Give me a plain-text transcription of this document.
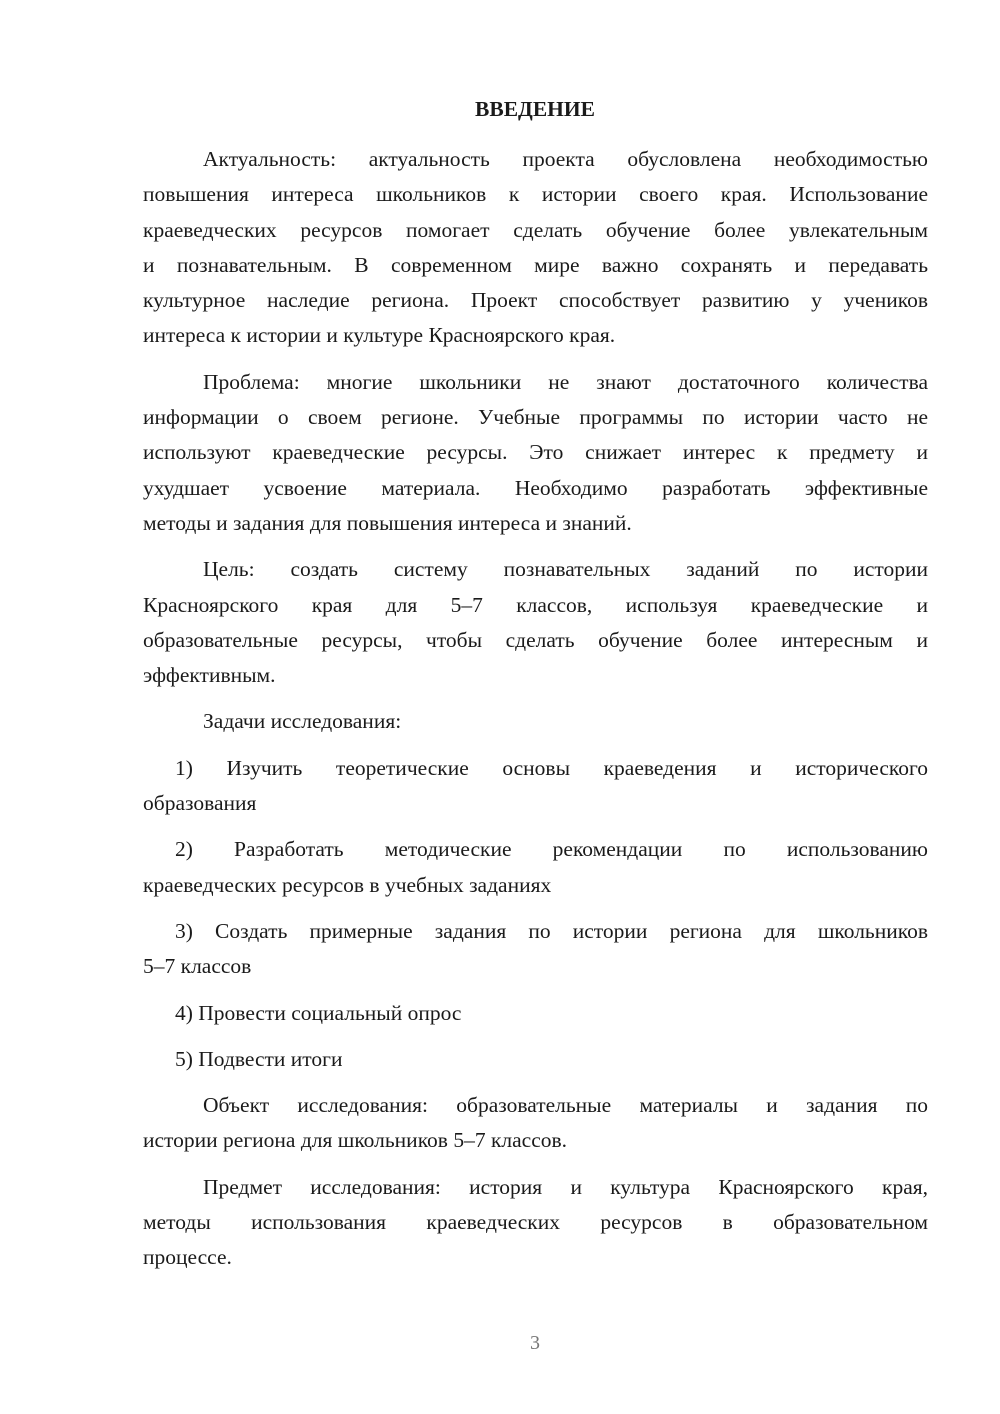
ВВЕДЕНИЕ
Актуальность: актуальность проекта обусловлена необходимостью
повышения интереса школьников к истории своего края. Использование
краеведческих ресурсов помогает сделать обучение более увлекательным
и познавательным. В современном мире важно сохранять и передавать
культурное наследие региона. Проект способствует развитию у учеников
интереса к истории и культуре Красноярского края.
Проблема: многие школьники не знают достаточного количества
информации о своем регионе. Учебные программы по истории часто не
используют краеведческие ресурсы. Это снижает интерес к предмету и
ухудшает усвоение материала. Необходимо разработать эффективные
методы и задания для повышения интереса и знаний.
Цель: создать систему познавательных заданий по истории
Красноярского края для 5–7 классов, используя краеведческие и
образовательные ресурсы, чтобы сделать обучение более интересным и
эффективным.
Задачи исследования:
1) Изучить теоретические основы краеведения и исторического
образования
2) Разработать методические рекомендации по использованию
краеведческих ресурсов в учебных заданиях
3) Создать примерные задания по истории региона для школьников
5–7 классов
4) Провести социальный опрос
5) Подвести итоги
Объект исследования: образовательные материалы и задания по
истории региона для школьников 5–7 классов.
Предмет исследования: история и культура Красноярского края,
методы использования краеведческих ресурсов в образовательном
процессе.
3
